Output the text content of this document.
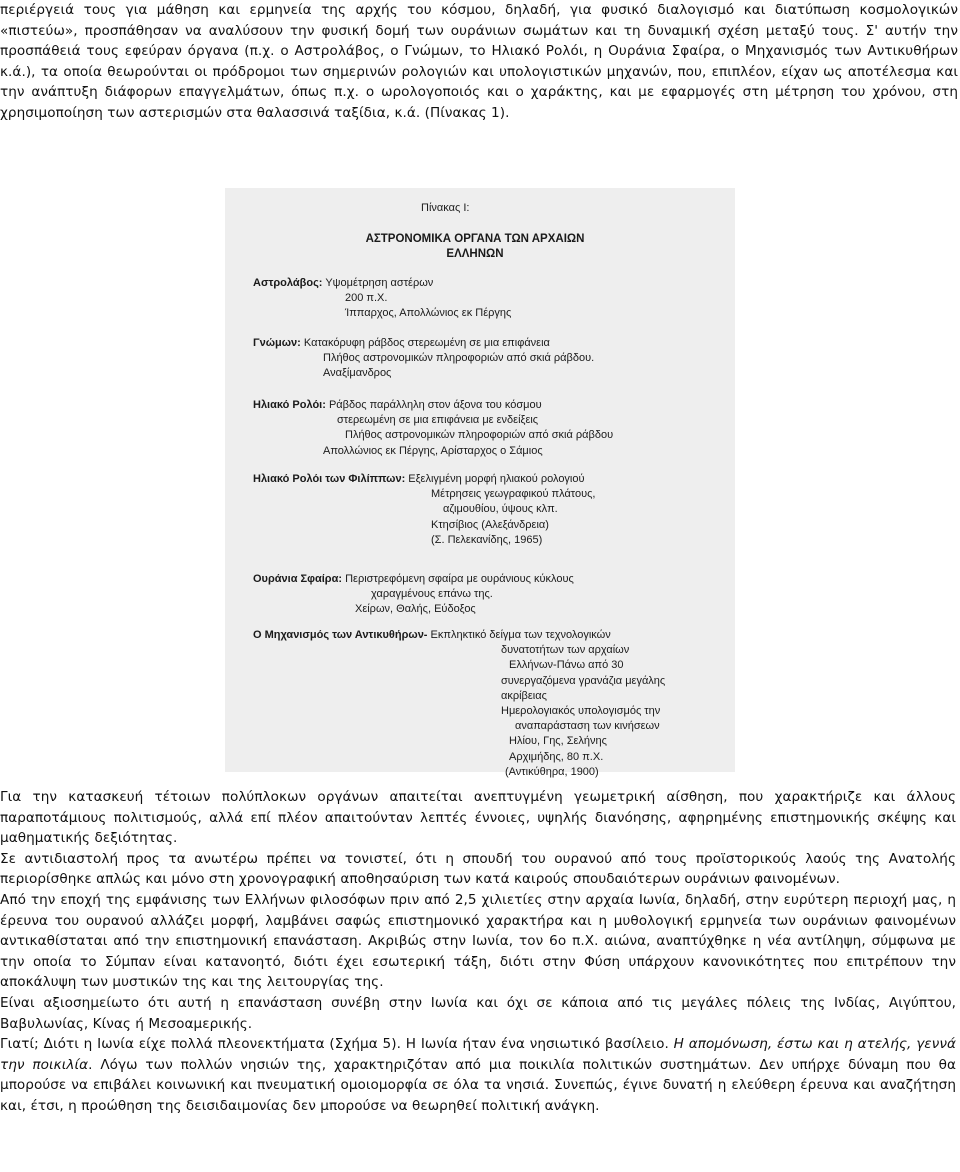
περιέργειά τους για μάθηση και ερμηνεία της αρχής του κόσμου, δηλαδή, για φυσικό διαλογισμό και διατύπωση κοσμολογικών «πιστεύω», προσπάθησαν να αναλύσουν την φυσική δομή των ουράνιων σωμάτων και τη δυναμική σχέση μεταξύ τους. Σ' αυτήν την προσπάθειά τους εφεύραν όργανα (π.χ. ο Αστρολάβος, ο Γνώμων, το Ηλιακό Ρολόι, η Ουράνια Σφαίρα, ο Μηχανισμός των Αντικυθήρων κ.ά.), τα οποία θεωρούνται οι πρόδρομοι των σημερινών ρολογιών και υπολογιστικών μηχανών, που, επιπλέον, είχαν ως αποτέλεσμα και την ανάπτυξη διάφορων επαγγελμάτων, όπως π.χ. ο ωρολογοποιός και ο χαράκτης, και με εφαρμογές στη μέτρηση του χρόνου, στη χρησιμοποίηση των αστερισμών στα θαλασσινά ταξίδια, κ.ά. (Πίνακας 1).

Πίνακας Ι:
ΑΣΤΡΟΝΟΜΙΚΑ ΟΡΓΑΝΑ ΤΩΝ ΑΡΧΑΙΩΝ ΕΛΛΗΝΩΝ
Αστρολάβος: Υψομέτρηση αστέρων
200 π.Χ.
Ίππαρχος, Απολλώνιος εκ Πέργης
Γνώμων: Κατακόρυφη ράβδος στερεωμένη σε μια επιφάνεια
Πλήθος αστρονομικών πληροφοριών από σκιά ράβδου.
Αναξίμανδρος
Ηλιακό Ρολόι: Ράβδος παράλληλη στον άξονα του κόσμου
στερεωμένη σε μια επιφάνεια με ενδείξεις
Πλήθος αστρονομικών πληροφοριών από σκιά ράβδου
Απολλώνιος εκ Πέργης, Αρίσταρχος ο Σάμιος
Ηλιακό Ρολόι των Φιλίππων: Εξελιγμένη μορφή ηλιακού ρολογιού
Μέτρησεις γεωγραφικού πλάτους,
αζιμουθίου, ύψους κλπ.
Κτησίβιος (Αλεξάνδρεια)
(Σ. Πελεκανίδης, 1965)
Ουράνια Σφαίρα: Περιστρεφόμενη σφαίρα με ουράνιους κύκλους
χαραγμένους επάνω της.
Χείρων, Θαλής, Εύδοξος
Ο Μηχανισμός των Αντικυθήρων- Εκπληκτικό δείγμα των τεχνολογικών
δυνατοτήτων των αρχαίων
Ελλήνων-Πάνω από 30
συνεργαζόμενα γρανάζια μεγάλης
ακρίβειας
Ημερολογιακός υπολογισμός την
αναπαράσταση των κινήσεων
Ηλίου, Γης, Σελήνης
Αρχιμήδης, 80 π.Χ.
(Αντικύθηρα, 1900)

Για την κατασκευή τέτοιων πολύπλοκων οργάνων απαιτείται ανεπτυγμένη γεωμετρική αίσθηση, που χαρακτήριζε και άλλους παραποτάμιους πολιτισμούς, αλλά επί πλέον απαιτούνταν λεπτές έννοιες, υψηλής διανόησης, αφηρημένης επιστημονικής σκέψης και μαθηματικής δεξιότητας.

Σε αντιδιαστολή προς τα ανωτέρω πρέπει να τονιστεί, ότι η σπουδή του ουρανού από τους προϊστορικούς λαούς της Ανατολής περιορίσθηκε απλώς και μόνο στη χρονογραφική αποθησαύριση των κατά καιρούς σπουδαιότερων ουράνιων φαινομένων.

Από την εποχή της εμφάνισης των Ελλήνων φιλοσόφων πριν από 2,5 χιλιετίες στην αρχαία Ιωνία, δηλαδή, στην ευρύτερη περιοχή μας, η έρευνα του ουρανού αλλάζει μορφή, λαμβάνει σαφώς επιστημονικό χαρακτήρα και η μυθολογική ερμηνεία των ουράνιων φαινομένων αντικαθίσταται από την επιστημονική επανάσταση. Ακριβώς στην Ιωνία, τον 6ο π.Χ. αιώνα, αναπτύχθηκε η νέα αντίληψη, σύμφωνα με την οποία το Σύμπαν είναι κατανοητό, διότι έχει εσωτερική τάξη, διότι στην Φύση υπάρχουν κανονικότητες που επιτρέπουν την αποκάλυψη των μυστικών της και της λειτουργίας της.

Είναι αξιοσημείωτο ότι αυτή η επανάσταση συνέβη στην Ιωνία και όχι σε κάποια από τις μεγάλες πόλεις της Ινδίας, Αιγύπτου, Βαβυλωνίας, Κίνας ή Μεσοαμερικής.

Γιατί; Διότι η Ιωνία είχε πολλά πλεονεκτήματα (Σχήμα 5). Η Ιωνία ήταν ένα νησιωτικό βασίλειο. Η απομόνωση, έστω και η ατελής, γεννά την ποικιλία. Λόγω των πολλών νησιών της, χαρακτηριζόταν από μια ποικιλία πολιτικών συστημάτων. Δεν υπήρχε δύναμη που θα μπορούσε να επιβάλει κοινωνική και πνευματική ομοιομορφία σε όλα τα νησιά. Συνεπώς, έγινε δυνατή η ελεύθερη έρευνα και αναζήτηση και, έτσι, η προώθηση της δεισιδαιμονίας δεν μπορούσε να θεωρηθεί πολιτική ανάγκη.
